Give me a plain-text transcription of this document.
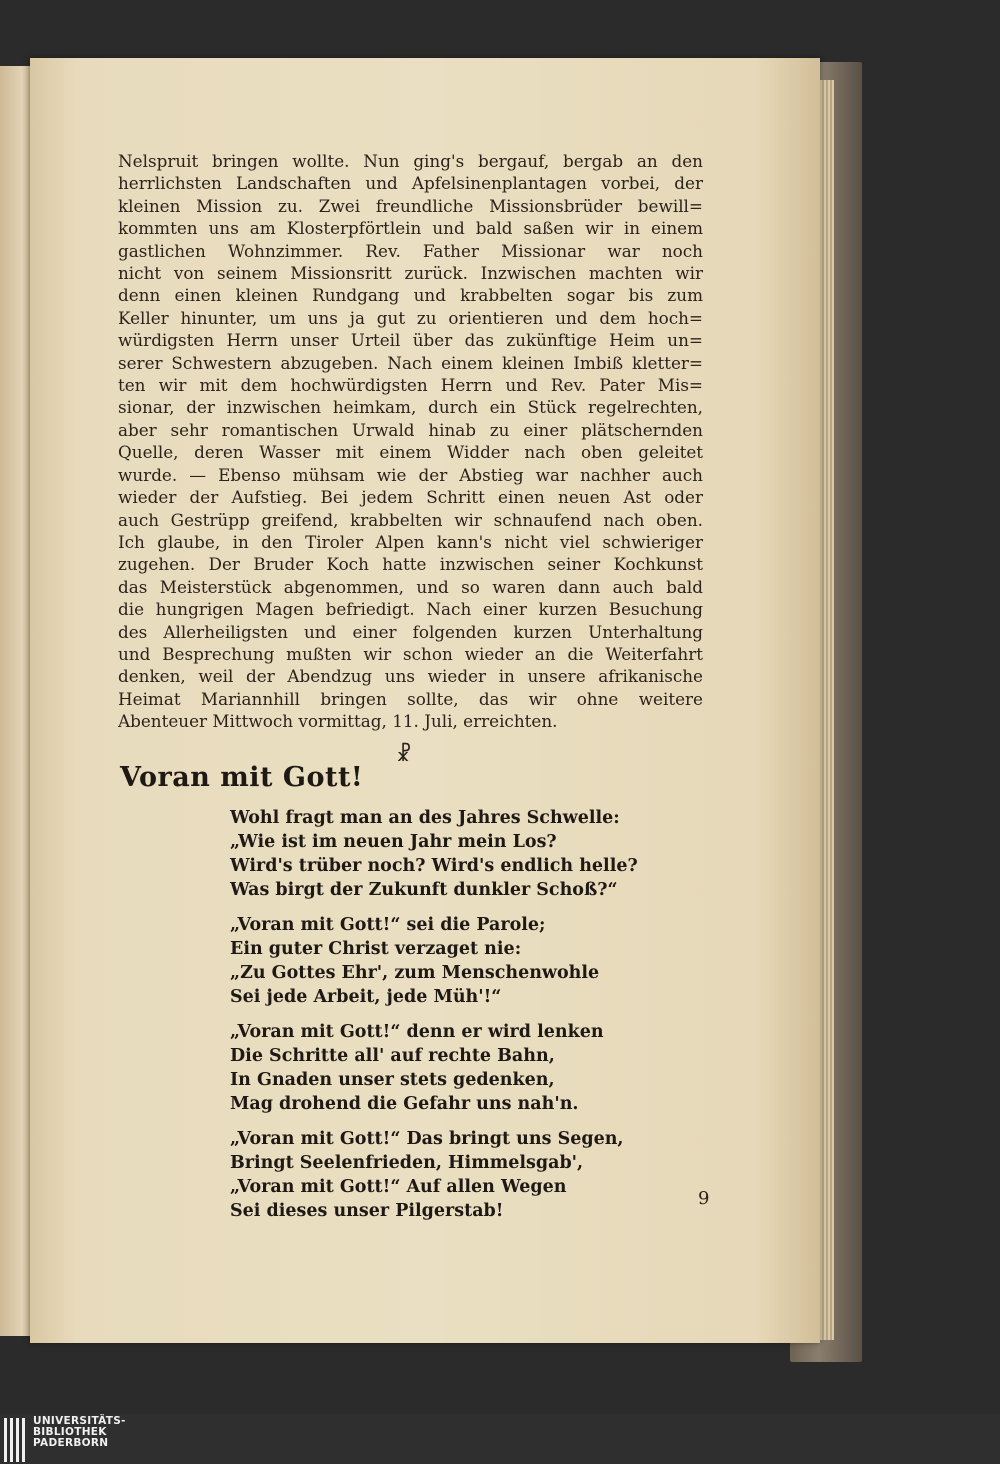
Nelspruit bringen wollte. Nun ging's bergauf, bergab an den
herrlichsten Landschaften und Apfelsinenplantagen vorbei, der
kleinen Mission zu. Zwei freundliche Missionsbrüder bewill=
kommten uns am Klosterpförtlein und bald saßen wir in einem
gastlichen Wohnzimmer. Rev. Father Missionar war noch
nicht von seinem Missionsritt zurück. Inzwischen machten wir
denn einen kleinen Rundgang und krabbelten sogar bis zum
Keller hinunter, um uns ja gut zu orientieren und dem hoch=
würdigsten Herrn unser Urteil über das zukünftige Heim un=
serer Schwestern abzugeben. Nach einem kleinen Imbiß kletter=
ten wir mit dem hochwürdigsten Herrn und Rev. Pater Mis=
sionar, der inzwischen heimkam, durch ein Stück regelrechten,
aber sehr romantischen Urwald hinab zu einer plätschernden
Quelle, deren Wasser mit einem Widder nach oben geleitet
wurde. — Ebenso mühsam wie der Abstieg war nachher auch
wieder der Aufstieg. Bei jedem Schritt einen neuen Ast oder
auch Gestrüpp greifend, krabbelten wir schnaufend nach oben.
Ich glaube, in den Tiroler Alpen kann's nicht viel schwieriger
zugehen. Der Bruder Koch hatte inzwischen seiner Kochkunst
das Meisterstück abgenommen, und so waren dann auch bald
die hungrigen Magen befriedigt. Nach einer kurzen Besuchung
des Allerheiligsten und einer folgenden kurzen Unterhaltung
und Besprechung mußten wir schon wieder an die Weiterfahrt
denken, weil der Abendzug uns wieder in unsere afrikanische
Heimat Mariannhill bringen sollte, das wir ohne weitere
Abenteuer Mittwoch vormittag, 11. Juli, erreichten.
☧
Voran mit Gott!
Wohl fragt man an des Jahres Schwelle:
„Wie ist im neuen Jahr mein Los?
Wird's trüber noch? Wird's endlich helle?
Was birgt der Zukunft dunkler Schoß?“
„Voran mit Gott!“ sei die Parole;
Ein guter Christ verzaget nie:
„Zu Gottes Ehr', zum Menschenwohle
Sei jede Arbeit, jede Müh'!“
„Voran mit Gott!“ denn er wird lenken
Die Schritte all' auf rechte Bahn,
In Gnaden unser stets gedenken,
Mag drohend die Gefahr uns nah'n.
„Voran mit Gott!“ Das bringt uns Segen,
Bringt Seelenfrieden, Himmelsgab',
„Voran mit Gott!“ Auf allen Wegen
Sei dieses unser Pilgerstab!
9
UNIVERSITÄTS-
BIBLIOTHEK
PADERBORN
